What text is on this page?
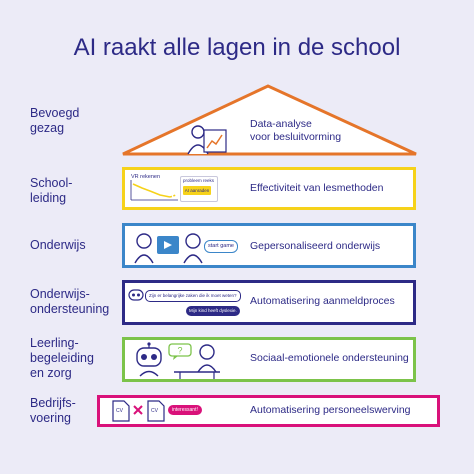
AI raakt alle lagen in de school
Bevoegd
gezag	Data-analyse
voor besluitvorming
School-
leiding
VR rekenen
probleem reeks
AI aanraden	Effectiviteit van lesmethoden
Onderwijs	start game	Gepersonaliseerd onderwijs
Onderwijs-
ondersteuning
Zijn er belangrijke zaken die ik moet weten?
Mijn kind heeft dyslexie.
Automatisering aanmeldproces
Leerling-
begeleiding
en zorg
?
Sociaal-emotionele ondersteuning
Bedrijfs-
voering	CV	CV	interessant!	Automatisering personeelswerving
